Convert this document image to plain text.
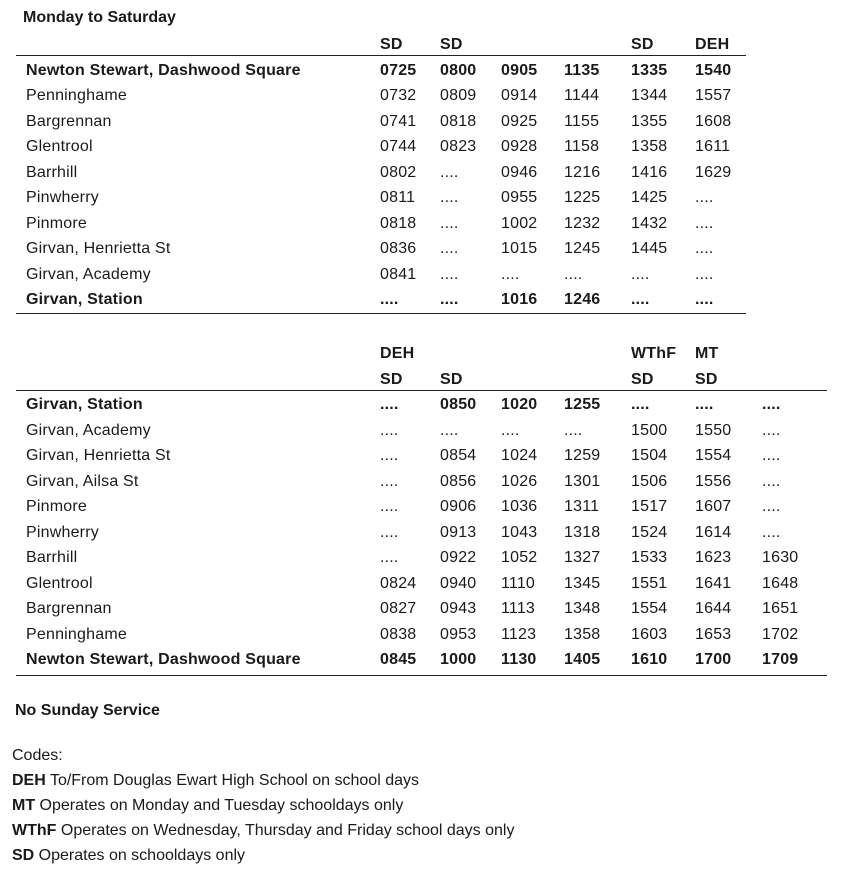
Monday to Saturday
	SD	SD			SD	DEH	
Newton Stewart, Dashwood Square	0725	0800	0905	1135	1335	1540	
Penninghame	0732	0809	0914	1144	1344	1557	
Bargrennan	0741	0818	0925	1155	1355	1608	
Glentrool	0744	0823	0928	1158	1358	1611	
Barrhill	0802	....	0946	1216	1416	1629	
Pinwherry	0811	....	0955	1225	1425	....	
Pinmore	0818	....	1002	1232	1432	....	
Girvan, Henrietta St	0836	....	1015	1245	1445	....	
Girvan, Academy	0841	....	....	....	....	....	
Girvan, Station	....	....	1016	1246	....	....	
	DEH				WThF	MT	
	SD	SD			SD	SD	
Girvan, Station	....	0850	1020	1255	....	....	....
Girvan, Academy	....	....	....	....	1500	1550	....
Girvan, Henrietta St	....	0854	1024	1259	1504	1554	....
Girvan, Ailsa St	....	0856	1026	1301	1506	1556	....
Pinmore	....	0906	1036	1311	1517	1607	....
Pinwherry	....	0913	1043	1318	1524	1614	....
Barrhill	....	0922	1052	1327	1533	1623	1630
Glentrool	0824	0940	1110	1345	1551	1641	1648
Bargrennan	0827	0943	1113	1348	1554	1644	1651
Penninghame	0838	0953	1123	1358	1603	1653	1702
Newton Stewart, Dashwood Square	0845	1000	1130	1405	1610	1700	1709
No Sunday Service
Codes:
DEH To/From Douglas Ewart High School on school days
MT Operates on Monday and Tuesday schooldays only
WThF Operates on Wednesday, Thursday and Friday school days only
SD Operates on schooldays only
